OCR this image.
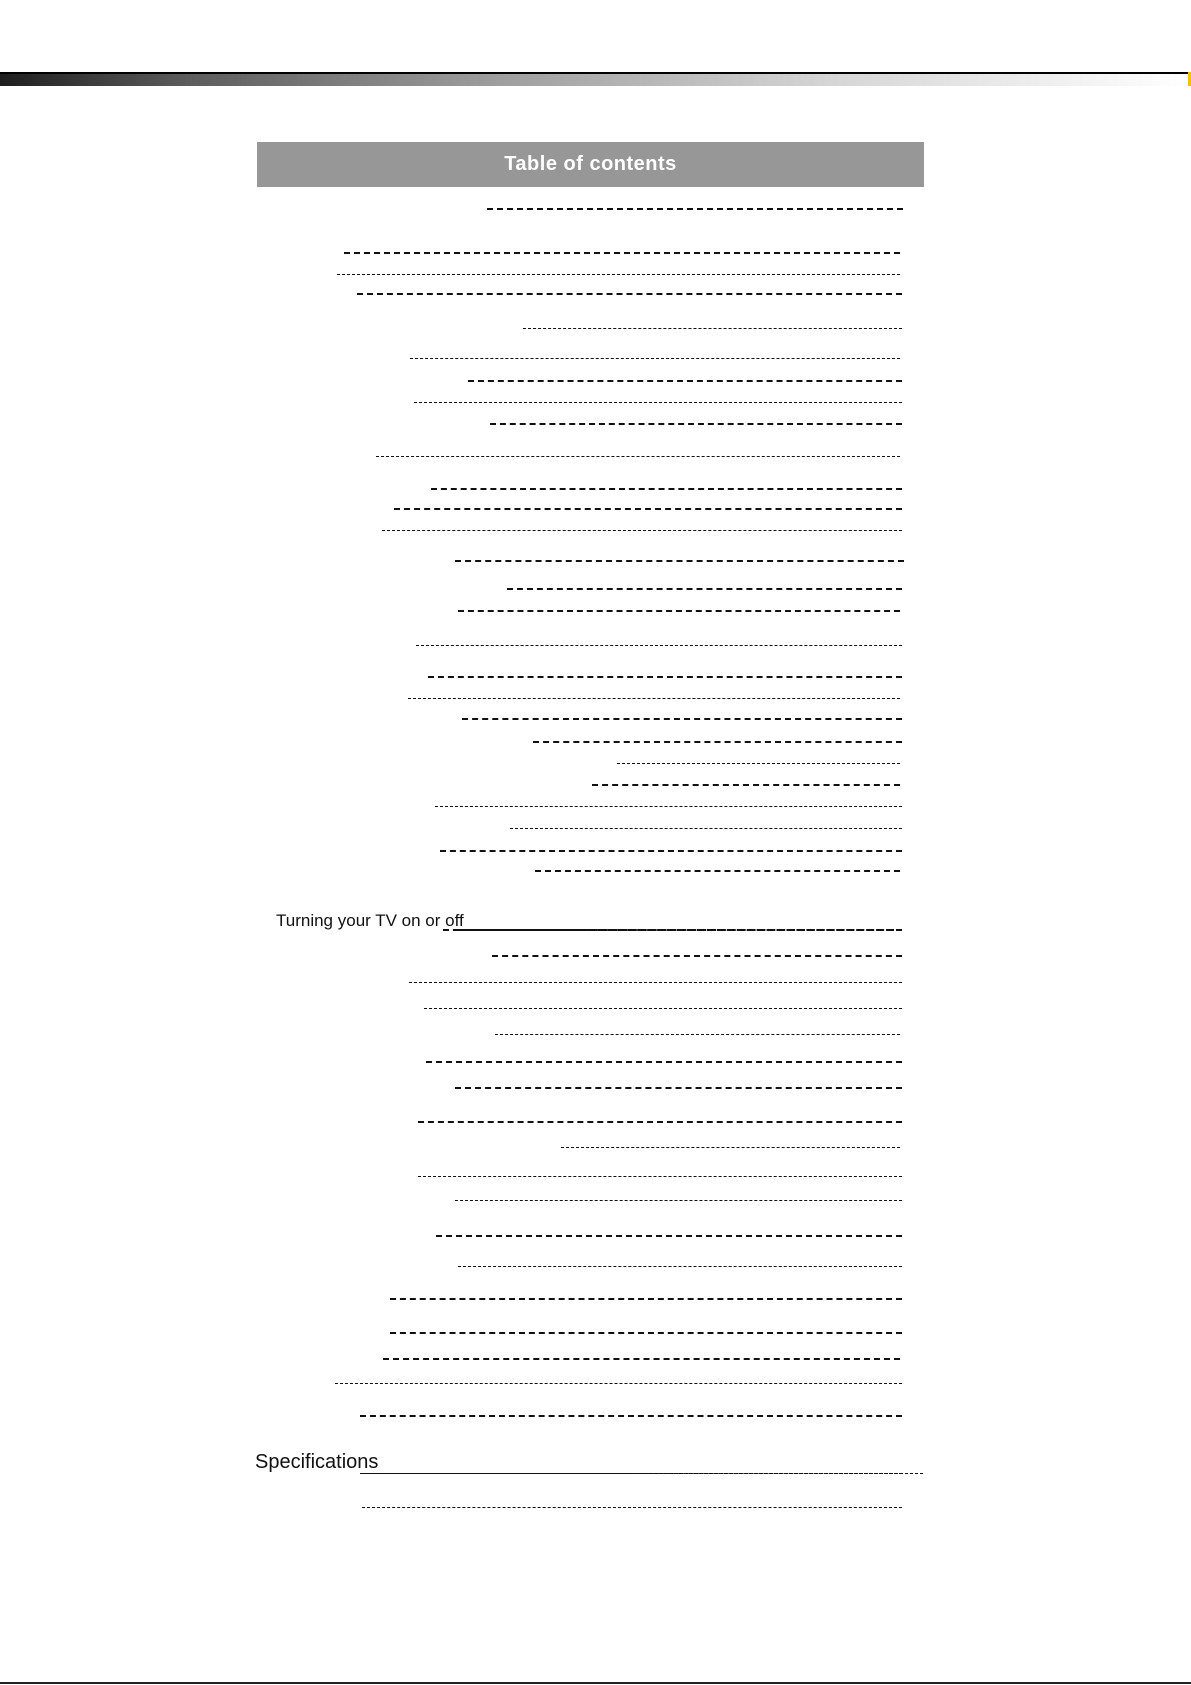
Table of contents
Turning your TV on or off
Specifications
